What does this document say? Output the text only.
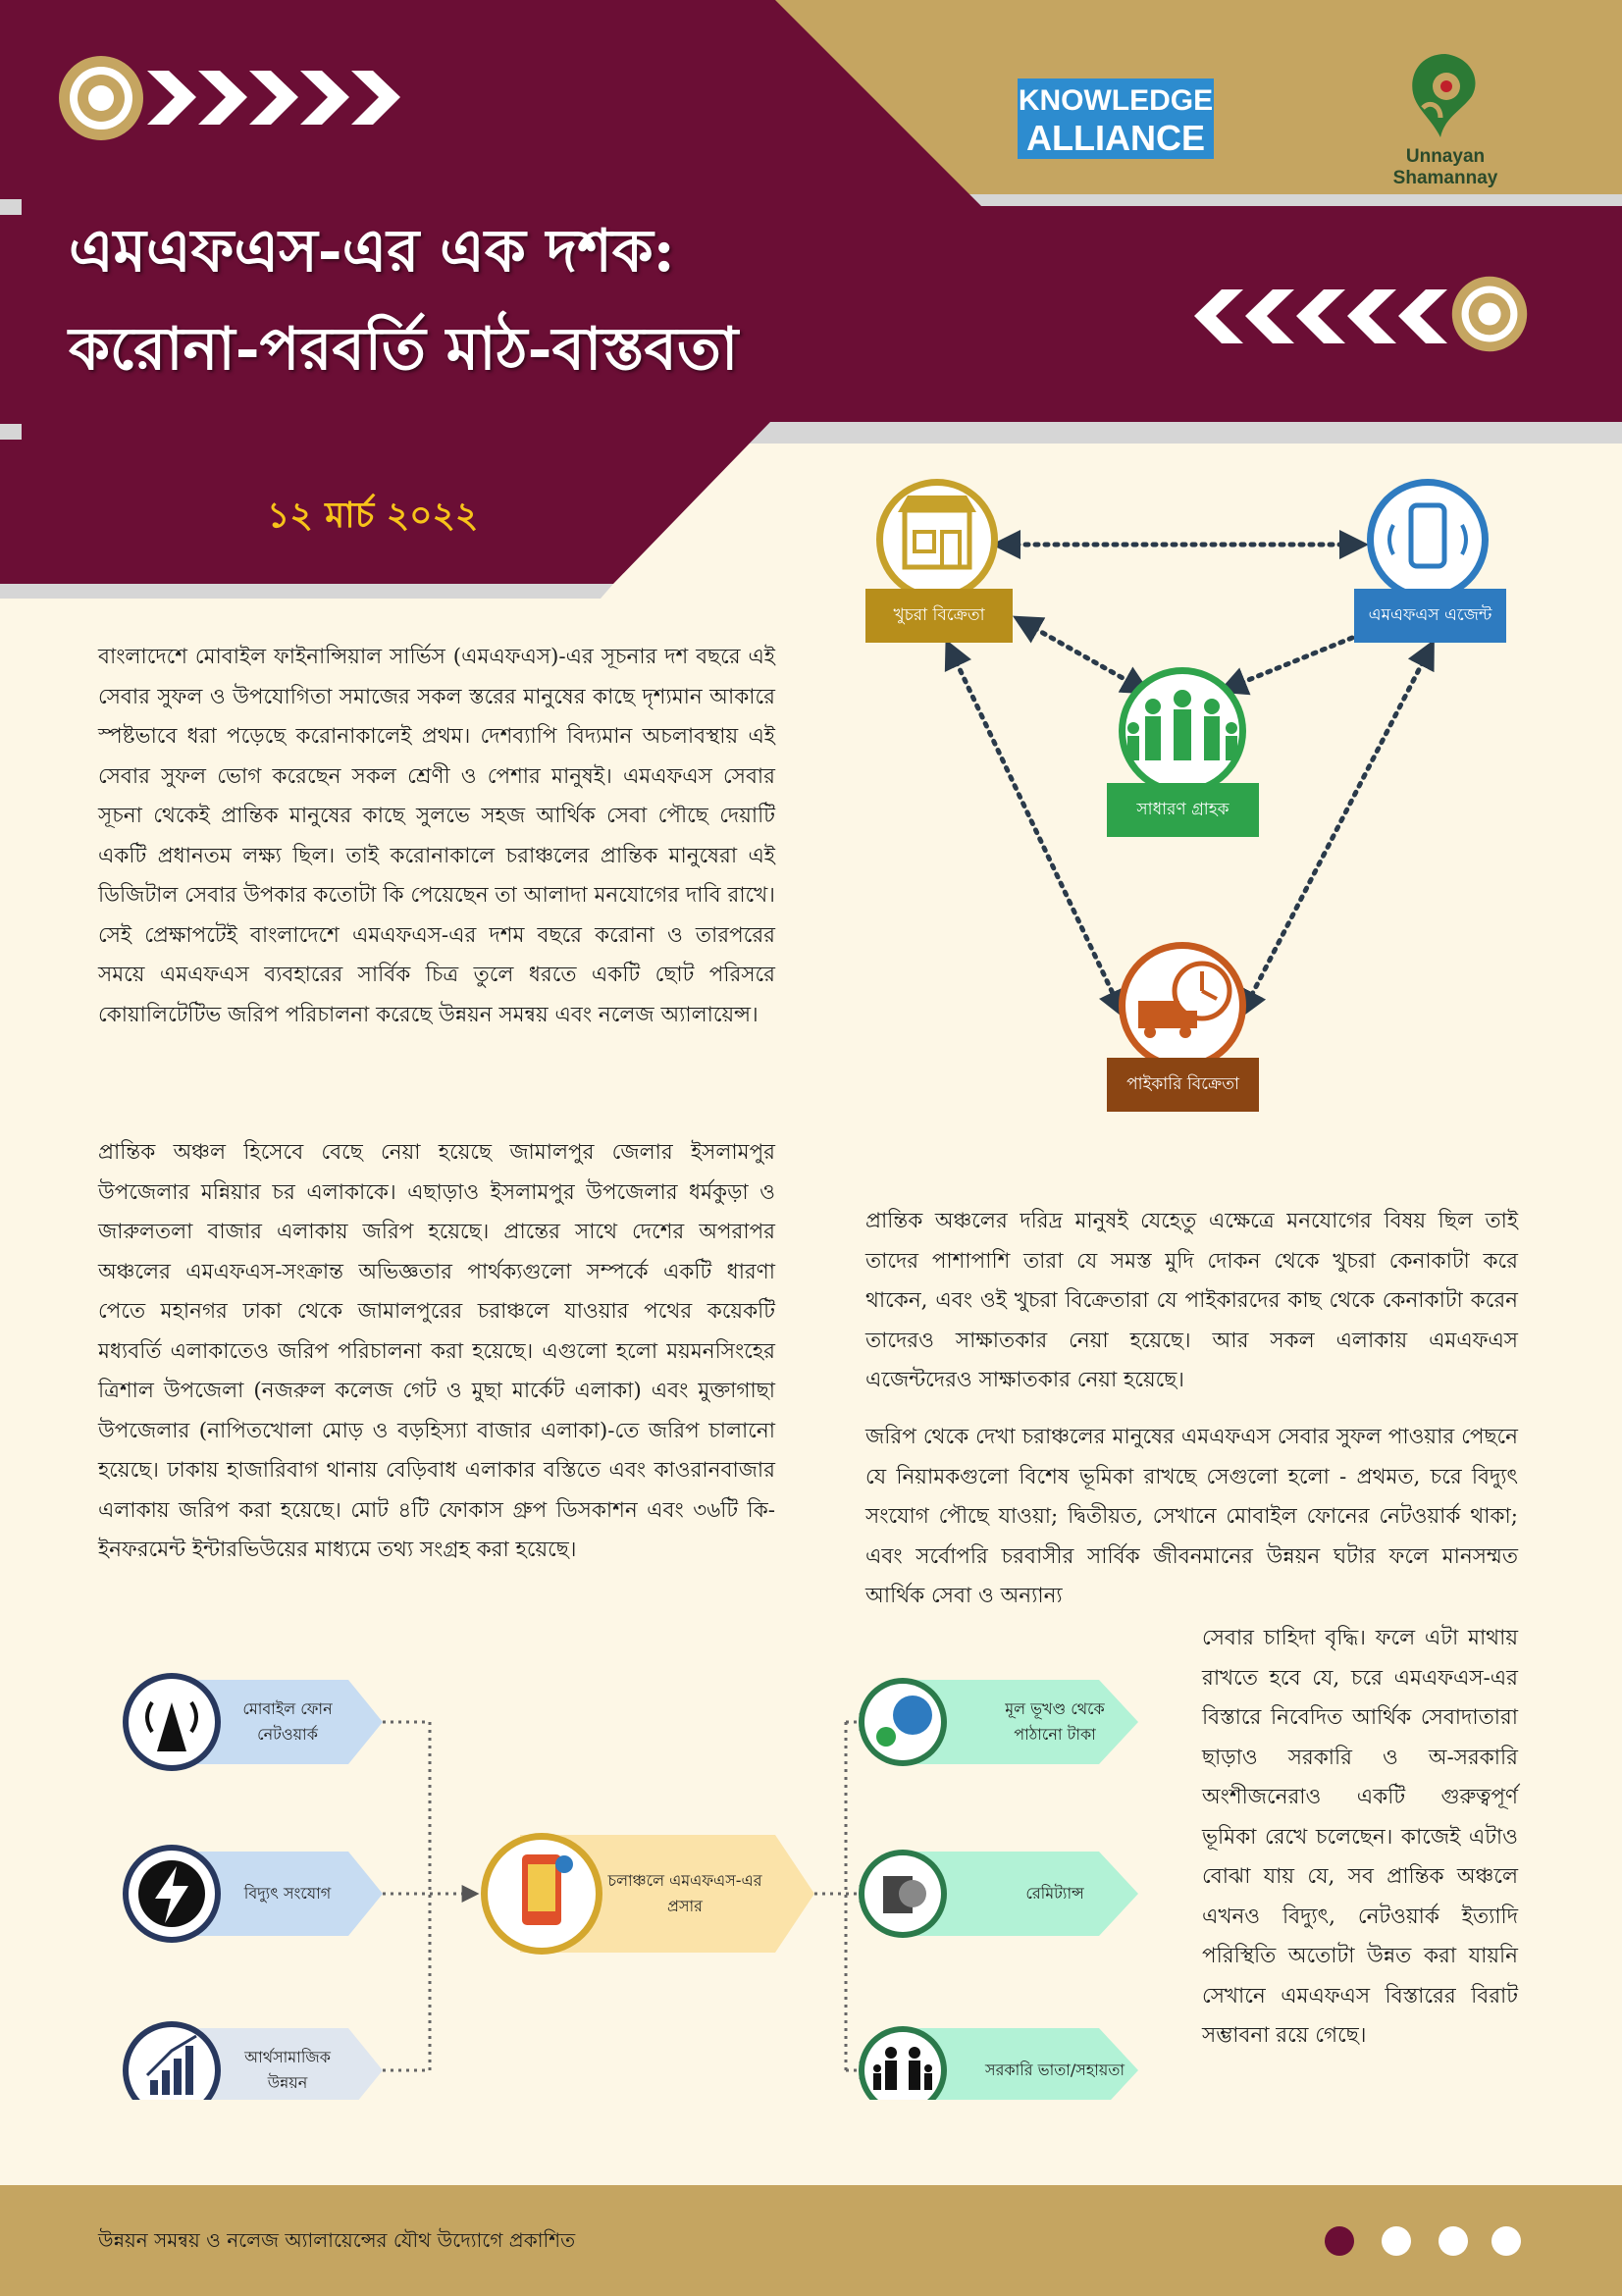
KNOWLEDGE
ALLIANCE	Unnayan Shamannay
এমএফএস-এর এক দশক:
করোনা-পরবর্তি মাঠ-বাস্তবতা
১২ মার্চ ২০২২
খুচরা বিক্রেতা	এমএফএস এজেন্ট
সাধারণ গ্রাহক
পাইকারি বিক্রেতা

বাংলাদেশে মোবাইল ফাইনান্সিয়াল সার্ভিস (এমএফএস)-এর সূচনার দশ বছরে এই সেবার সুফল ও উপযোগিতা সমাজের সকল স্তরের মানুষের কাছে দৃশ্যমান আকারে স্পষ্টভাবে ধরা পড়েছে করোনাকালেই প্রথম। দেশব্যাপি বিদ্যমান অচলাবস্থায় এই সেবার সুফল ভোগ করেছেন সকল শ্রেণী ও পেশার মানুষই। এমএফএস সেবার সূচনা থেকেই প্রান্তিক মানুষের কাছে সুলভে সহজ আর্থিক সেবা পৌছে দেয়াটি একটি প্রধানতম লক্ষ্য ছিল। তাই করোনাকালে চরাঞ্চলের প্রান্তিক মানুষেরা এই ডিজিটাল সেবার উপকার কতোটা কি পেয়েছেন তা আলাদা মনযোগের দাবি রাখে। সেই প্রেক্ষাপটেই বাংলাদেশে এমএফএস-এর দশম বছরে করোনা ও তারপরের সময়ে এমএফএস ব্যবহারের সার্বিক চিত্র তুলে ধরতে একটি ছোট পরিসরে কোয়ালিটেটিভ জরিপ পরিচালনা করেছে উন্নয়ন সমন্বয় এবং নলেজ অ্যালায়েন্স।

প্রান্তিক অঞ্চল হিসেবে বেছে নেয়া হয়েছে জামালপুর জেলার ইসলামপুর উপজেলার মন্নিয়ার চর এলাকাকে। এছাড়াও ইসলামপুর উপজেলার ধর্মকুড়া ও জারুলতলা বাজার এলাকায় জরিপ হয়েছে। প্রান্তের সাথে দেশের অপরাপর অঞ্চলের এমএফএস-সংক্রান্ত অভিজ্ঞতার পার্থক্যগুলো সম্পর্কে একটি ধারণা পেতে মহানগর ঢাকা থেকে জামালপুরের চরাঞ্চলে যাওয়ার পথের কয়েকটি মধ্যবর্তি এলাকাতেও জরিপ পরিচালনা করা হয়েছে। এগুলো হলো ময়মনসিংহের ত্রিশাল উপজেলা (নজরুল কলেজ গেট ও মুছা মার্কেট এলাকা) এবং মুক্তাগাছা উপজেলার (নাপিতখোলা মোড় ও বড়হিস্যা বাজার এলাকা)-তে জরিপ চালানো হয়েছে। ঢাকায় হাজারিবাগ থানায় বেড়িবাধ এলাকার বস্তিতে এবং কাওরানবাজার এলাকায় জরিপ করা হয়েছে। মোট ৪টি ফোকাস গ্রুপ ডিসকাশন এবং ৩৬টি কি-ইনফরমেন্ট ইন্টারভিউয়ের মাধ্যমে তথ্য সংগ্রহ করা হয়েছে।

প্রান্তিক অঞ্চলের দরিদ্র মানুষই যেহেতু এক্ষেত্রে মনযোগের বিষয় ছিল তাই তাদের পাশাপাশি তারা যে সমস্ত মুদি দোকন থেকে খুচরা কেনাকাটা করে থাকেন, এবং ওই খুচরা বিক্রেতারা যে পাইকারদের কাছ থেকে কেনাকাটা করেন তাদেরও সাক্ষাতকার নেয়া হয়েছে। আর সকল এলাকায় এমএফএস এজেন্টদেরও সাক্ষাতকার নেয়া হয়েছে।

জরিপ থেকে দেখা চরাঞ্চলের মানুষের এমএফএস সেবার সুফল পাওয়ার পেছনে যে নিয়ামকগুলো বিশেষ ভূমিকা রাখছে সেগুলো হলো - প্রথমত, চরে বিদ্যুৎ সংযোগ পৌছে যাওয়া; দ্বিতীয়ত, সেখানে মোবাইল ফোনের নেটওয়ার্ক থাকা; এবং সর্বোপরি চরবাসীর সার্বিক জীবনমানের উন্নয়ন ঘটার ফলে মানসম্মত আর্থিক সেবা ও অন্যান্য

সেবার চাহিদা বৃদ্ধি। ফলে এটা মাথায় রাখতে হবে যে, চরে এমএফএস-এর বিস্তারে নিবেদিত আর্থিক সেবাদাতারা ছাড়াও সরকারি ও অ-সরকারি অংশীজনেরাও একটি গুরুত্বপূর্ণ ভূমিকা রেখে চলেছেন। কাজেই এটাও বোঝা যায় যে, সব প্রান্তিক অঞ্চলে এখনও বিদ্যুৎ, নেটওয়ার্ক ইত্যাদি পরিস্থিতি অতোটা উন্নত করা যায়নি সেখানে এমএফএস বিস্তারের বিরাট সম্ভাবনা রয়ে গেছে।

মোবাইল ফোন নেটওয়ার্ক
বিদ্যুৎ সংযোগ
আর্থসামাজিক উন্নয়ন
চলাঞ্চলে এমএফএস-এর প্রসার
মূল ভূখণ্ড থেকে পাঠানো টাকা
রেমিট্যান্স
সরকারি ভাতা/সহায়তা
উন্নয়ন সমন্বয় ও নলেজ অ্যালায়েন্সের যৌথ উদ্যোগে প্রকাশিত
